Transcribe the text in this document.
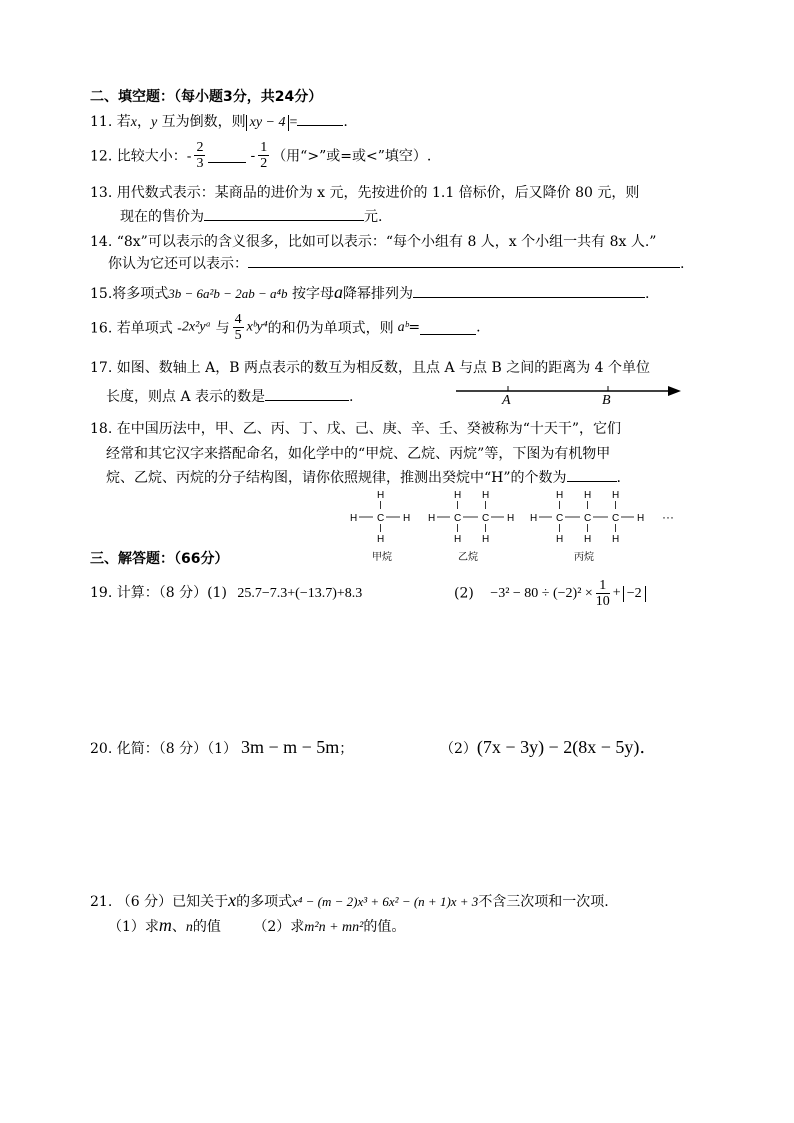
二、填空题：（每小题3分，共24分）
11. 若x，y 互为倒数，则 xy − 4 =	.
12. 比较大小：- $\frac{2}{3}$	- $\frac{1}{2}$ （用“>”或=或<”填空）.
13. 用代数式表示：某商品的进价为 x 元，先按进价的 1.1 倍标价，后又降价 80 元，则
现在的售价为	元.
14. “8x”可以表示的含义很多，比如可以表示：“每个小组有 8 人，x 个小组一共有 8x 人.”
你认为它还可以表示：	.
15.将多项式3b − 6a²b − 2ab − a⁴b 按字母a降幂排列为	.
16. 若单项式 -2x²yᵃ 与 $\frac{4}{5}$ xᵇy⁴的和仍为单项式，则 aᵇ=	.
17. 如图、数轴上 A，B 两点表示的数互为相反数，且点 A 与点 B 之间的距离为 4 个单位
长度，则点 A 表示的数是	.	A	B
18. 在中国历法中，甲、乙、丙、丁、戊、己、庚、辛、壬、癸被称为“十天干”，它们
经常和其它汉字来搭配命名，如化学中的“甲烷、乙烷、丙烷”等，下图为有机物甲
烷、乙烷、丙烷的分子结构图，请你依照规律，推测出癸烷中“H”的个数为	.
H
H C H
H
H H
H C C H
H H
H H H
H C C C H
H H H
···
甲烷	乙烷	丙烷
三、解答题：（66分）
19. 计算：（8 分）(1) 25.7−7.3+(−13.7)+8.3	$(2) -3^2 - 80 \div (-2)^2 \times \frac{1}{10} + -2$
20. 化简：（8 分）（1） 3m − m − 5m；	（2）(7x − 3y) − 2(8x − 5y).
21. （6 分）已知关于x的多项式x⁴ − (m − 2)x³ + 6x² − (n + 1)x + 3不含三次项和一次项.
（1）求m、n的值 （2）求m²n + mn²的值。
